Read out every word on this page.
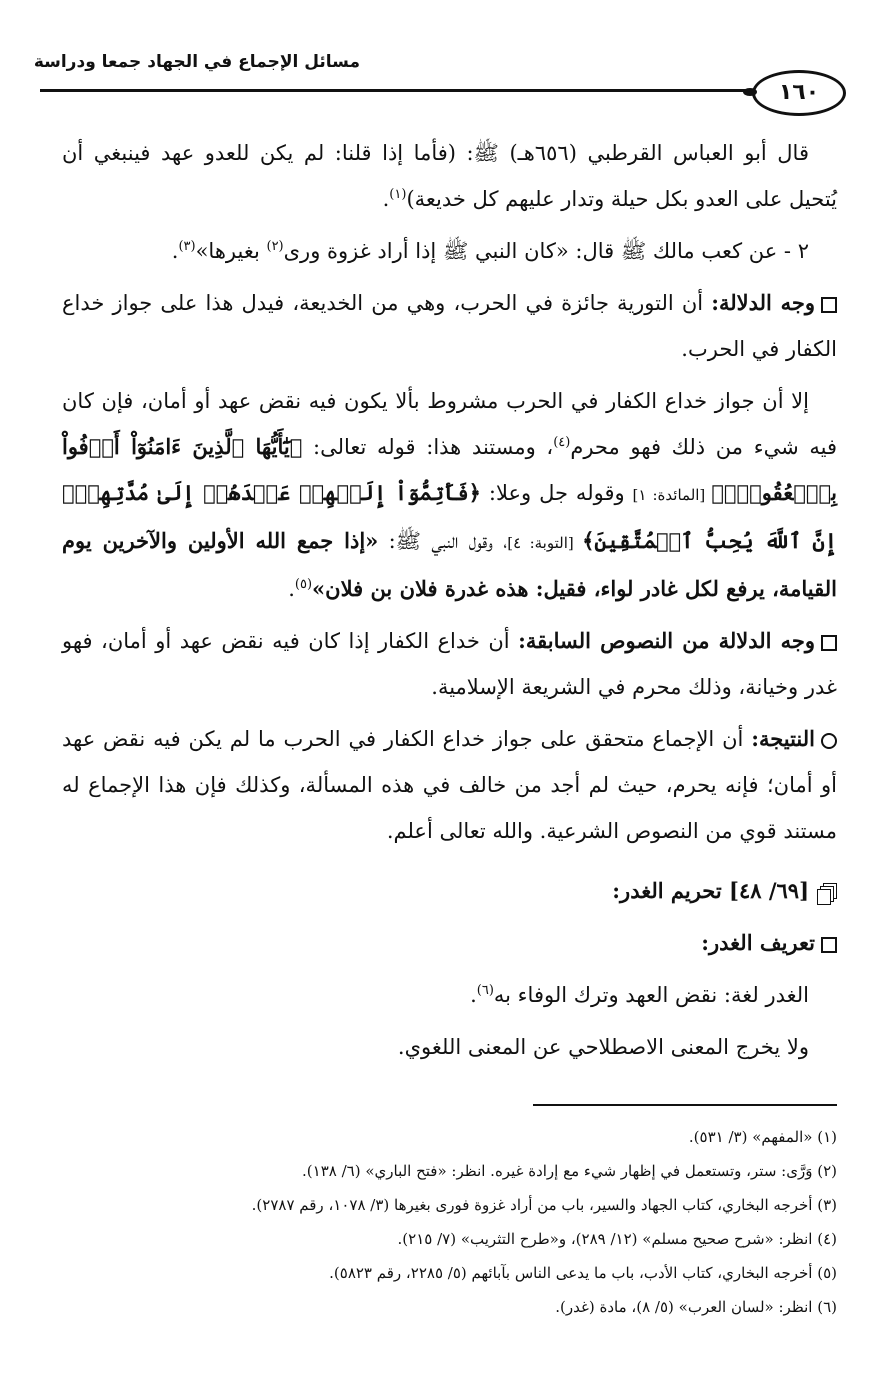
مسائل الإجماع في الجهاد جمعا ودراسة
١٦٠

قال أبو العباس القرطبي (٦٥٦هـ) ﷺ: (فأما إذا قلنا: لم يكن للعدو عهد فينبغي أن يُتحيل على العدو بكل حيلة وتدار عليهم كل خديعة)$^{(١)}$.

٢ - عن كعب مالك ﷺ قال: «كان النبي ﷺ إذا أراد غزوة ورى$^{(٢)}$ بغيرها»$^{(٣)}$.

وجه الدلالة: أن التورية جائزة في الحرب، وهي من الخديعة، فيدل هذا على جواز خداع الكفار في الحرب.

إلا أن جواز خداع الكفار في الحرب مشروط بألا يكون فيه نقض عهد أو أمان، فإن كان فيه شيء من ذلك فهو محرم$^{(٤)}$، ومستند هذا: قوله تعالى: ﴿يَٰٓأَيُّهَا ٱلَّذِينَ ءَامَنُوٓاْ أَوۡفُواْ بِٱلۡعُقُودِۚ﴾ [المائدة: ١] وقوله جل وعلا: ﴿فَأَتِمُّوٓاْ إِلَيۡهِمۡ عَهۡدَهُمۡ إِلَىٰ مُدَّتِهِمۡۚ إِنَّ ٱللَّهَ يُحِبُّ ٱلۡمُتَّقِينَ﴾ [التوبة: ٤]، وقول النبي ﷺ: «إذا جمع الله الأولين والآخرين يوم القيامة، يرفع لكل غادر لواء، فقيل: هذه غدرة فلان بن فلان»$^{(٥)}$.

وجه الدلالة من النصوص السابقة: أن خداع الكفار إذا كان فيه نقض عهد أو أمان، فهو غدر وخيانة، وذلك محرم في الشريعة الإسلامية.

النتيجة: أن الإجماع متحقق على جواز خداع الكفار في الحرب ما لم يكن فيه نقض عهد أو أمان؛ فإنه يحرم، حيث لم أجد من خالف في هذه المسألة، وكذلك فإن هذا الإجماع له مستند قوي من النصوص الشرعية. والله تعالى أعلم.

[٦٩/ ٤٨] تحريم الغدر:

تعريف الغدر:

الغدر لغة: نقض العهد وترك الوفاء به$^{(٦)}$.

ولا يخرج المعنى الاصطلاحي عن المعنى اللغوي.

(١) «المفهم» (٣/ ٥٣١).
(٢) وَرَّى: ستر، وتستعمل في إظهار شيء مع إرادة غيره. انظر: «فتح الباري» (٦/ ١٣٨).
(٣) أخرجه البخاري، كتاب الجهاد والسير، باب من أراد غزوة فورى بغيرها (٣/ ١٠٧٨، رقم ٢٧٨٧).
(٤) انظر: «شرح صحيح مسلم» (١٢/ ٢٨٩)، و«طرح التثريب» (٧/ ٢١٥).
(٥) أخرجه البخاري، كتاب الأدب، باب ما يدعى الناس بآبائهم (٥/ ٢٢٨٥، رقم ٥٨٢٣).
(٦) انظر: «لسان العرب» (٥/ ٨)، مادة (غدر).
